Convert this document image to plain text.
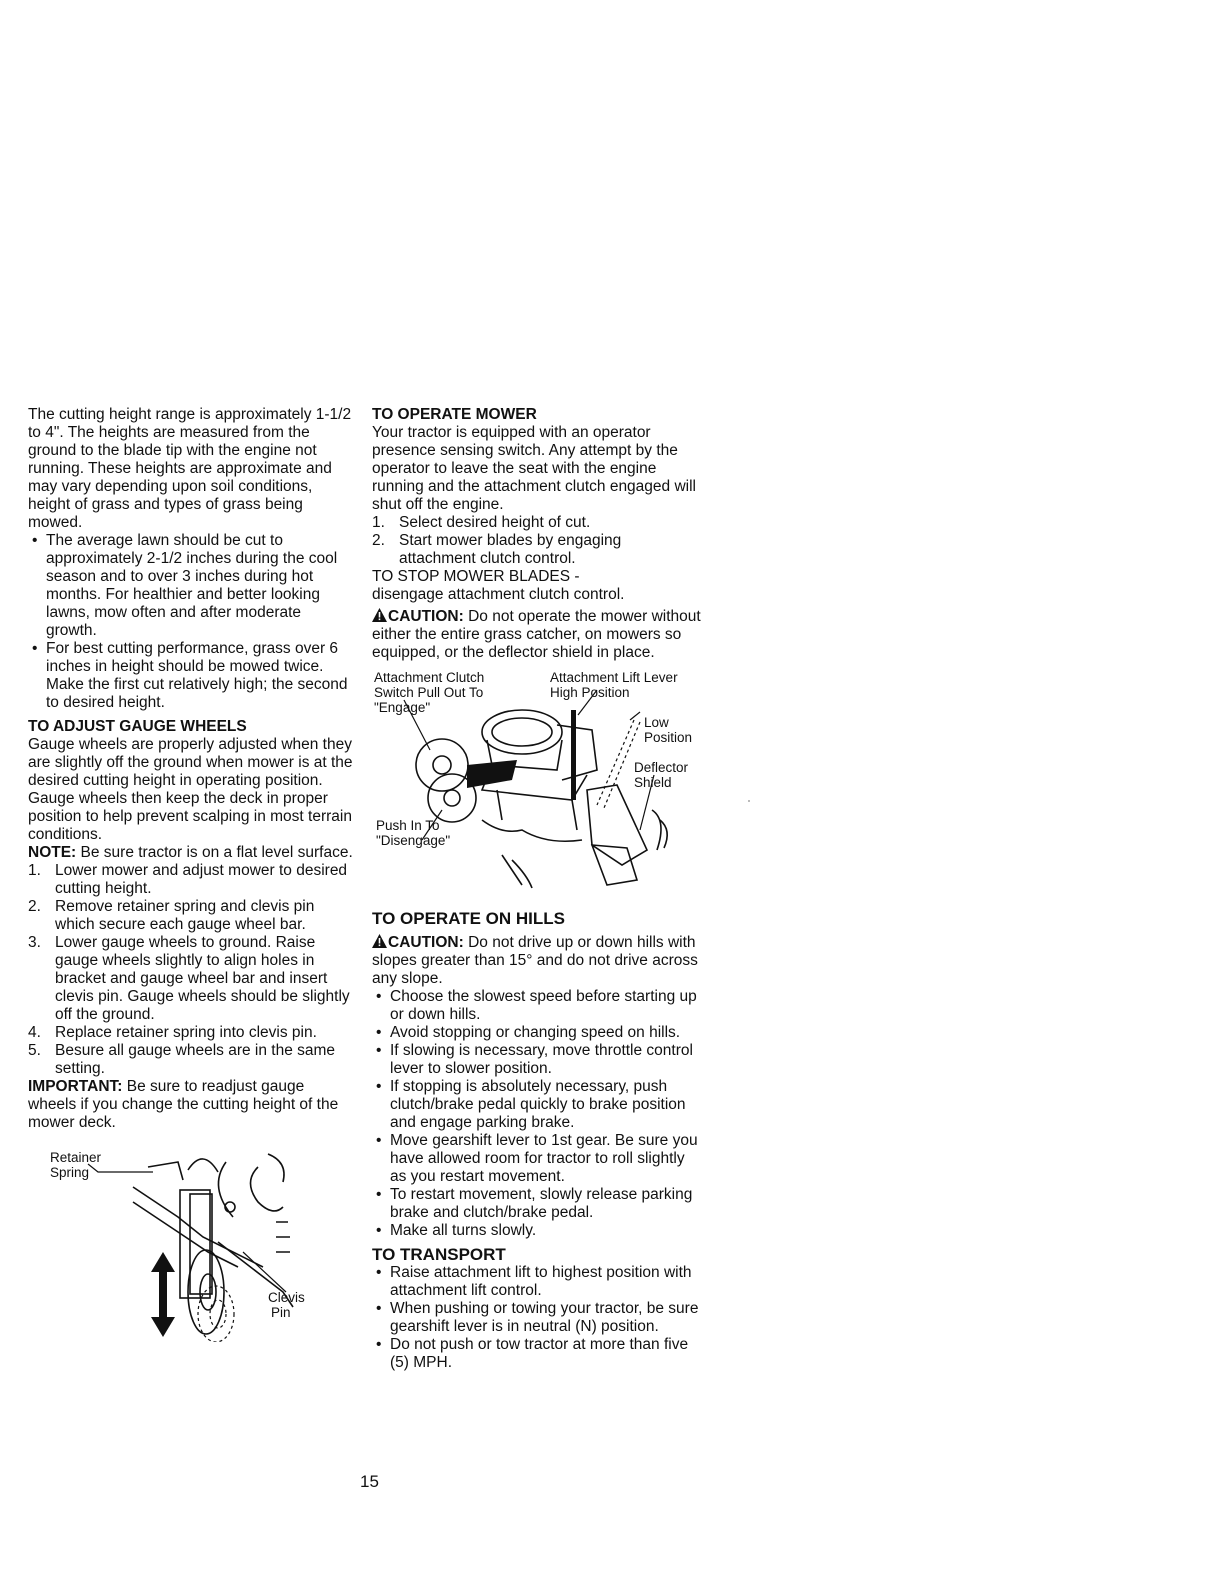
The cutting height range is approximately 1-1/2 to 4". The heights are measured from the ground to the blade tip with the engine not running. These heights are approximate and may vary depending upon soil conditions, height of grass and types of grass being mowed.

• The average lawn should be cut to approximately 2-1/2 inches during the cool season and to over 3 inches during hot months. For healthier and better looking lawns, mow often and after moderate growth.
• For best cutting performance, grass over 6 inches in height should be mowed twice. Make the first cut relatively high; the second to desired height.

TO ADJUST GAUGE WHEELS

Gauge wheels are properly adjusted when they are slightly off the ground when mower is at the desired cutting height in operating position. Gauge wheels then keep the deck in proper position to help prevent scalping in most terrain conditions.

NOTE: Be sure tractor is on a flat level surface.

1. Lower mower and adjust mower to desired cutting height.
2. Remove retainer spring and clevis pin which secure each gauge wheel bar.
3. Lower gauge wheels to ground. Raise gauge wheels slightly to align holes in bracket and gauge wheel bar and insert clevis pin. Gauge wheels should be slightly off the ground.
4. Replace retainer spring into clevis pin.
5. Besure all gauge wheels are in the same setting.

IMPORTANT: Be sure to readjust gauge wheels if you change the cutting height of the mower deck.

Retainer
Spring
Clevis
Pin

TO OPERATE MOWER

Your tractor is equipped with an operator presence sensing switch. Any attempt by the operator to leave the seat with the engine running and the attachment clutch engaged will shut off the engine.

1. Select desired height of cut.
2. Start mower blades by engaging attachment clutch control.

TO STOP MOWER BLADES -

disengage attachment clutch control.

CAUTION: Do not operate the mower without either the entire grass catcher, on mowers so equipped, or the deflector shield in place.

Attachment Clutch
Switch Pull Out To
"Engage"
Attachment Lift Lever
High Position
Low
Position
Deflector
Shield
Push In To
"Disengage"

TO OPERATE ON HILLS

CAUTION: Do not drive up or down hills with slopes greater than 15° and do not drive across any slope.

• Choose the slowest speed before starting up or down hills.
• Avoid stopping or changing speed on hills.
• If slowing is necessary, move throttle control lever to slower position.
• If stopping is absolutely necessary, push clutch/brake pedal quickly to brake position and engage parking brake.
• Move gearshift lever to 1st gear. Be sure you have allowed room for tractor to roll slightly as you restart movement.
• To restart movement, slowly release parking brake and clutch/brake pedal.
• Make all turns slowly.

TO TRANSPORT

• Raise attachment lift to highest position with attachment lift control.
• When pushing or towing your tractor, be sure gearshift lever is in neutral (N) position.
• Do not push or tow tractor at more than five (5) MPH.
15
